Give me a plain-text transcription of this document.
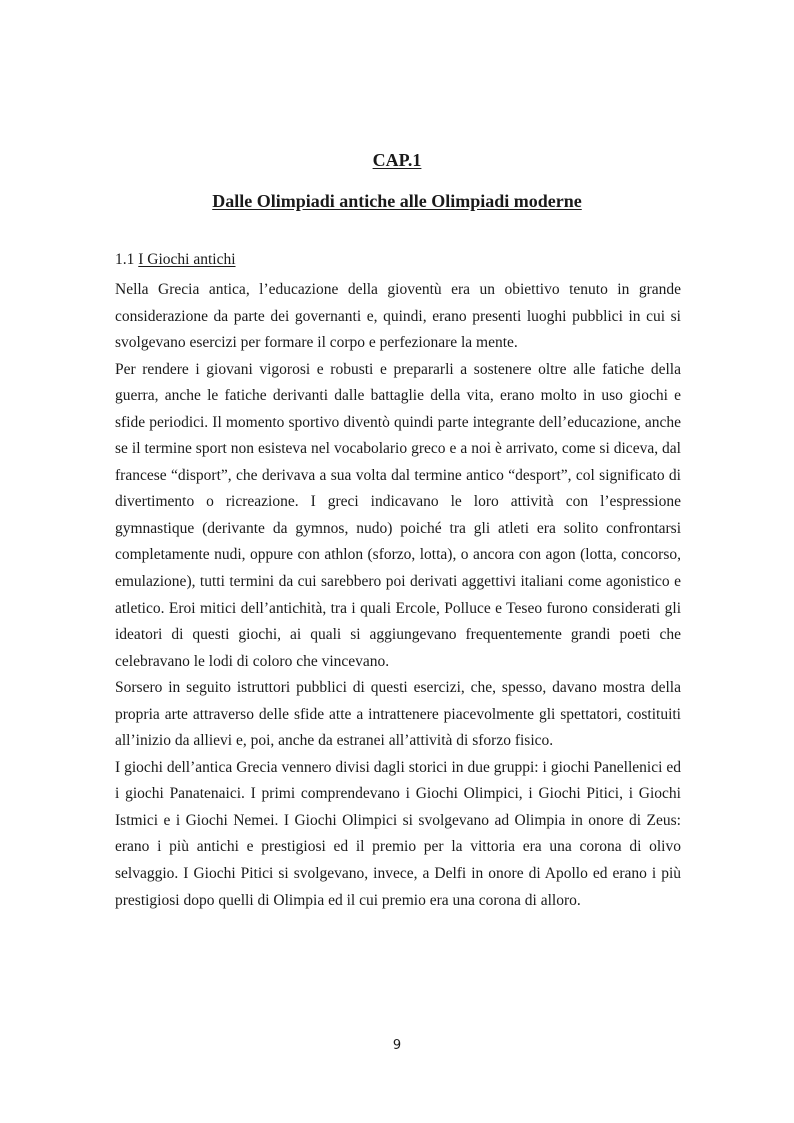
CAP.1
Dalle Olimpiadi antiche alle Olimpiadi moderne
1.1 I Giochi antichi

Nella Grecia antica, l’educazione della gioventù era un obiettivo tenuto in grande considerazione da parte dei governanti e, quindi, erano presenti luoghi pubblici in cui si svolgevano esercizi per formare il corpo e perfezionare la mente.

Per rendere i giovani vigorosi e robusti e prepararli a sostenere oltre alle fatiche della guerra, anche le fatiche derivanti dalle battaglie della vita, erano molto in uso giochi e sfide periodici. Il momento sportivo diventò quindi parte integrante dell’educazione, anche se il termine sport non esisteva nel vocabolario greco e a noi è arrivato, come si diceva, dal francese “disport”, che derivava a sua volta dal termine antico “desport”, col significato di divertimento o ricreazione. I greci indicavano le loro attività con l’espressione gymnastique (derivante da gymnos, nudo) poiché tra gli atleti era solito confrontarsi completamente nudi, oppure con athlon (sforzo, lotta), o ancora con agon (lotta, concorso, emulazione), tutti termini da cui sarebbero poi derivati aggettivi italiani come agonistico e atletico. Eroi mitici dell’antichità, tra i quali Ercole, Polluce e Teseo furono considerati gli ideatori di questi giochi, ai quali si aggiungevano frequentemente grandi poeti che celebravano le lodi di coloro che vincevano.

Sorsero in seguito istruttori pubblici di questi esercizi, che, spesso, davano mostra della propria arte attraverso delle sfide atte a intrattenere piacevolmente gli spettatori, costituiti all’inizio da allievi e, poi, anche da estranei all’attività di sforzo fisico.

I giochi dell’antica Grecia vennero divisi dagli storici in due gruppi: i giochi Panellenici ed i giochi Panatenaici. I primi comprendevano i Giochi Olimpici, i Giochi Pitici, i Giochi Istmici e i Giochi Nemei. I Giochi Olimpici si svolgevano ad Olimpia in onore di Zeus: erano i più antichi e prestigiosi ed il premio per la vittoria era una corona di olivo selvaggio. I Giochi Pitici si svolgevano, invece, a Delfi in onore di Apollo ed erano i più prestigiosi dopo quelli di Olimpia ed il cui premio era una corona di alloro.

9
